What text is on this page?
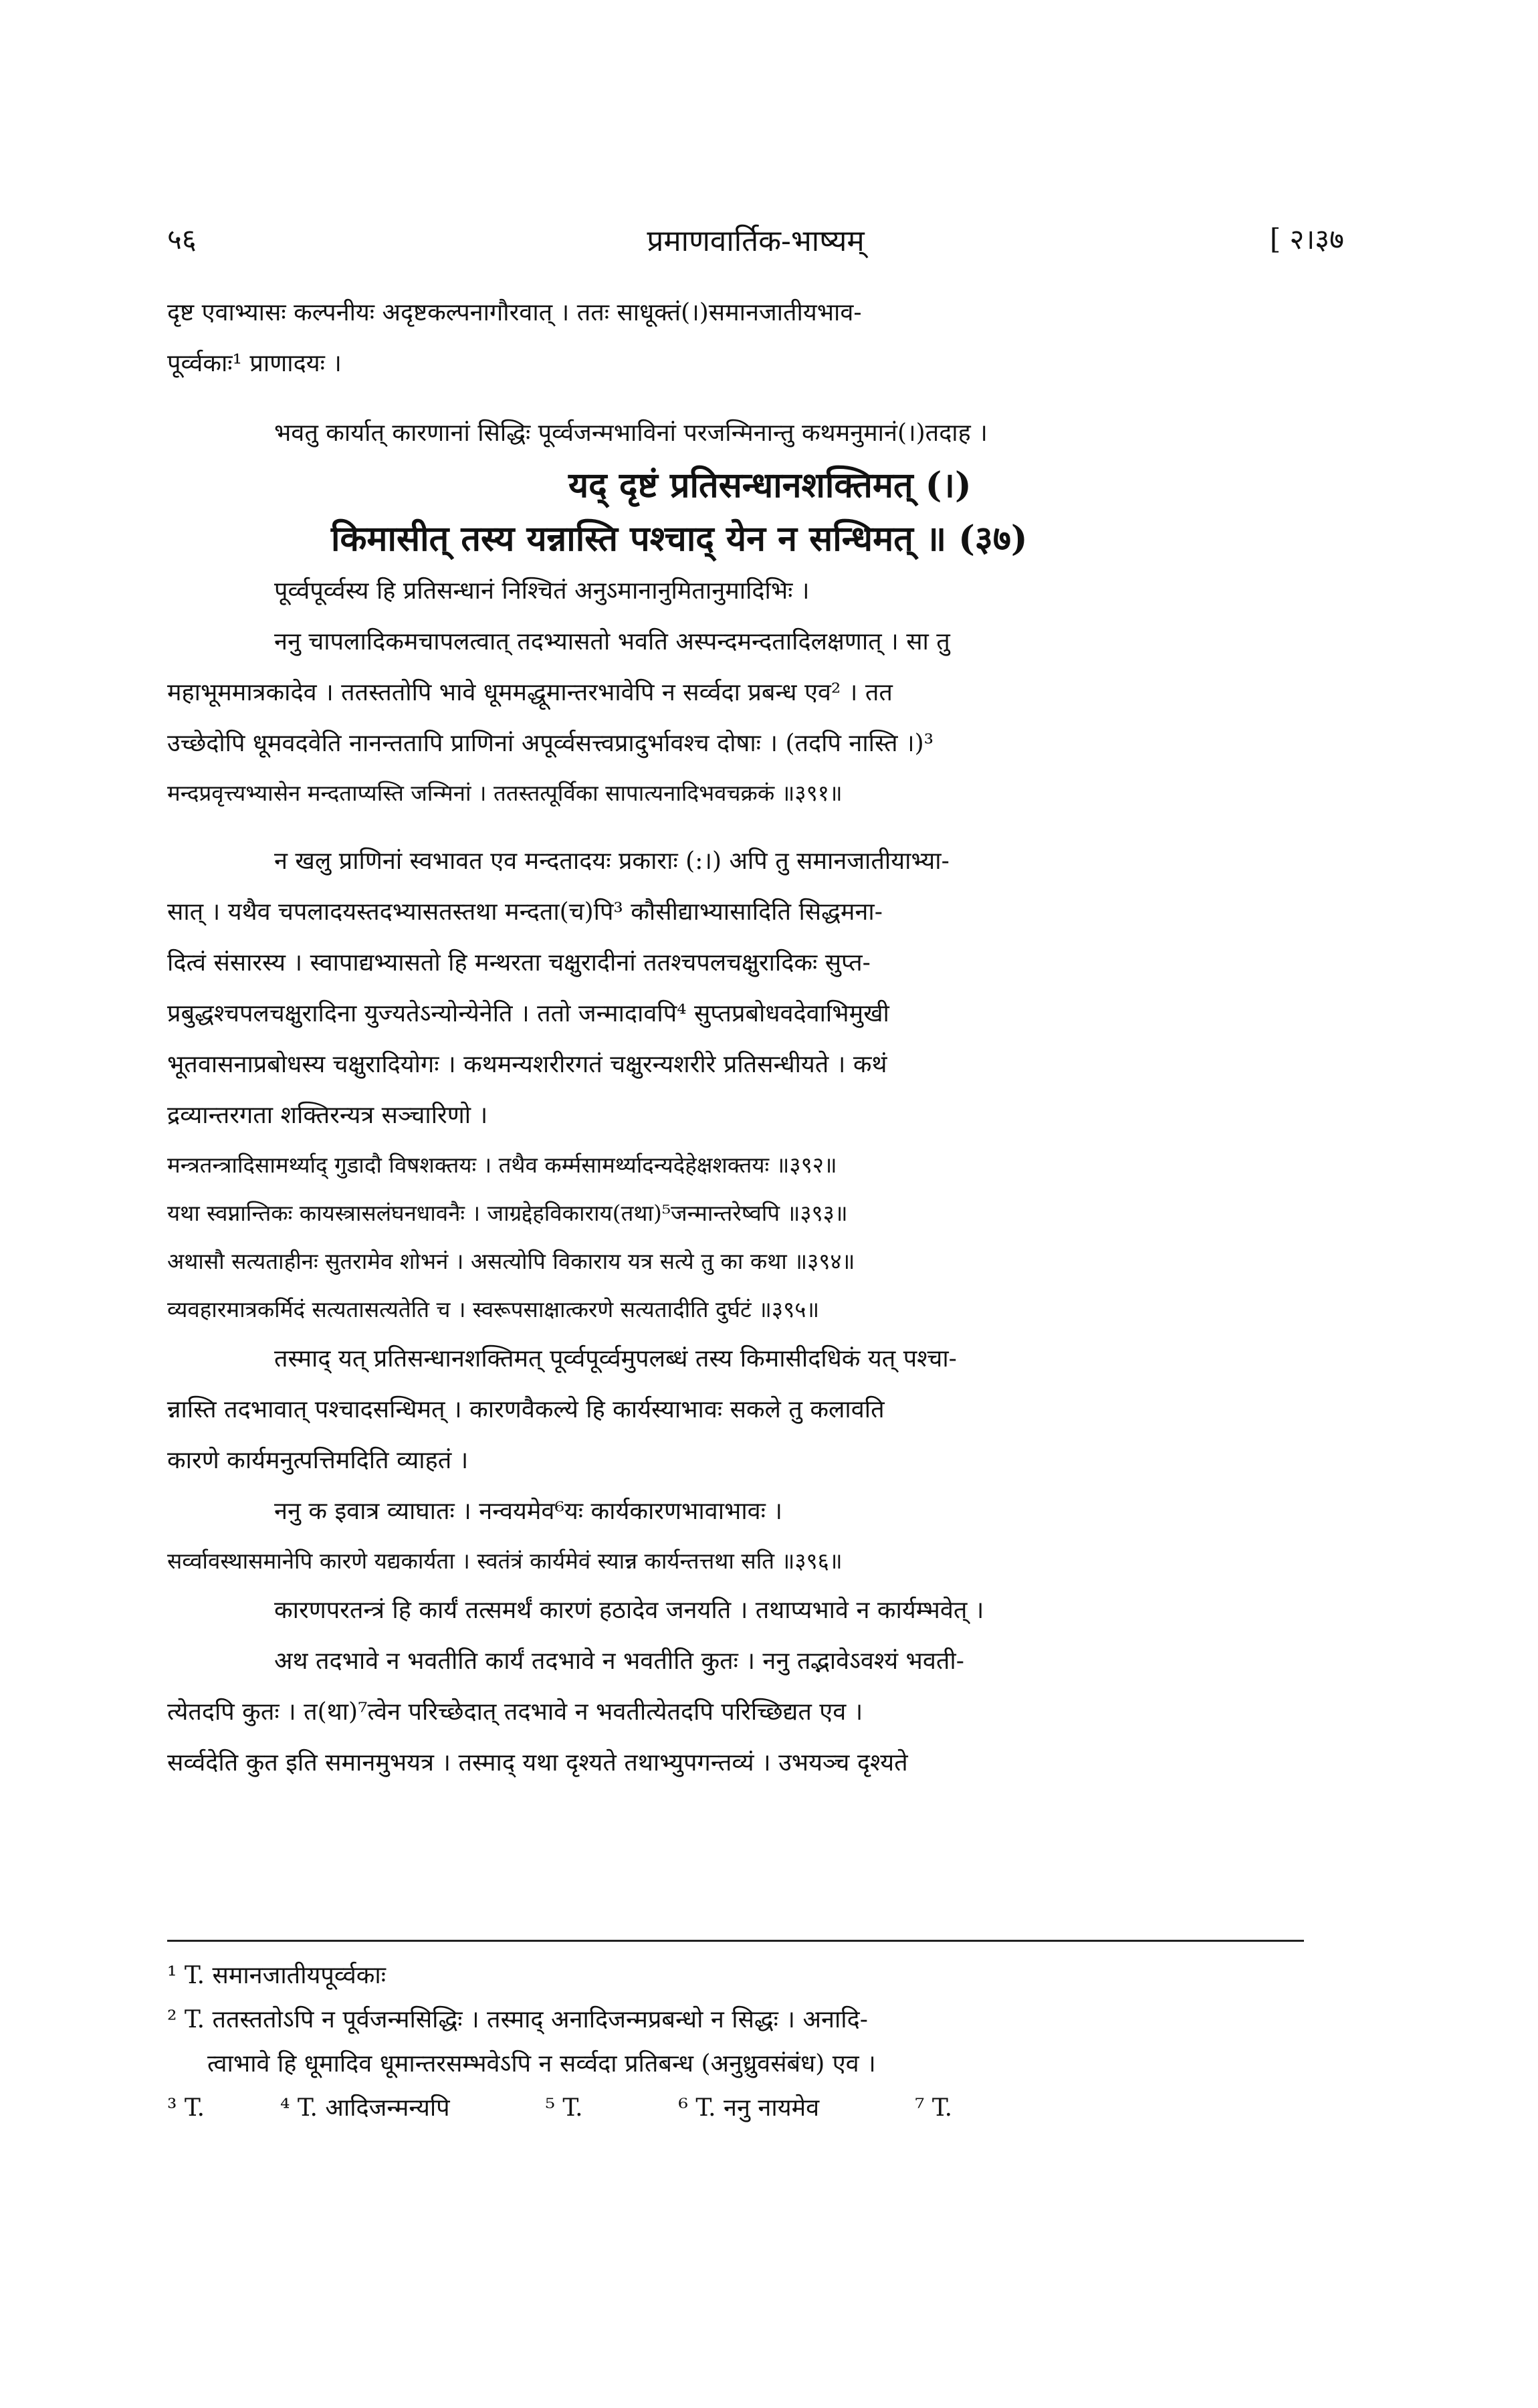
५६	प्रमाणवार्तिक-भाष्यम्	[ २।३७

दृष्ट एवाभ्यासः कल्पनीयः अदृष्टकल्पनागौरवात् । ततः साधूक्तं(।)समानजातीयभाव-

पूर्व्वकाः¹ प्राणादयः ।

भवतु कार्यात् कारणानां सिद्धिः पूर्व्वजन्मभाविनां परजन्मिनान्तु कथमनुमानं(।)तदाह ।

यद् दृष्टं प्रतिसन्धानशक्तिमत् (।)

किमासीत् तस्य यन्नास्ति पश्चाद् येन न सन्धिमत् ॥ (३७)

पूर्व्वपूर्व्वस्य हि प्रतिसन्धानं निश्चितं अनुऽमानानुमितानुमादिभिः ।

ननु चापलादिकमचापलत्वात् तदभ्यासतो भवति अस्पन्दमन्दतादिलक्षणात् । सा तु

महाभूममात्रकादेव । ततस्ततोपि भावे धूममद्धूमान्तरभावेपि न सर्व्वदा प्रबन्ध एव² । तत

उच्छेदोपि धूमवदवेति नानन्ततापि प्राणिनां अपूर्व्वसत्त्वप्रादुर्भावश्च दोषाः । (तदपि नास्ति ।)³

मन्दप्रवृत्त्यभ्यासेन मन्दताप्यस्ति जन्मिनां । ततस्तत्पूर्विका सापात्यनादिभवचक्रकं ॥३९१॥

न खलु प्राणिनां स्वभावत एव मन्दतादयः प्रकाराः (:।) अपि तु समानजातीयाभ्या-

सात् । यथैव चपलादयस्तदभ्यासतस्तथा मन्दता(च)पि³ कौसीद्याभ्यासादिति सिद्धमना-

दित्वं संसारस्य । स्वापाद्यभ्यासतो हि मन्थरता चक्षुरादीनां ततश्चपलचक्षुरादिकः सुप्त-

प्रबुद्धश्चपलचक्षुरादिना युज्यतेऽन्योन्येनेति । ततो जन्मादावपि⁴ सुप्तप्रबोधवदेवाभिमुखी

भूतवासनाप्रबोधस्य चक्षुरादियोगः । कथमन्यशरीरगतं चक्षुरन्यशरीरे प्रतिसन्धीयते । कथं

द्रव्यान्तरगता शक्तिरन्यत्र सञ्चारिणो ।

मन्त्रतन्त्रादिसामर्थ्याद् गुडादौ विषशक्तयः । तथैव कर्म्मसामर्थ्यादन्यदेहेक्षशक्तयः ॥३९२॥

यथा स्वप्नान्तिकः कायस्त्रासलंघनधावनैः । जाग्रद्देहविकाराय(तथा)⁵जन्मान्तरेष्वपि ॥३९३॥

अथासौ सत्यताहीनः सुतरामेव शोभनं । असत्योपि विकाराय यत्र सत्ये तु का कथा ॥३९४॥

व्यवहारमात्रकर्मिदं सत्यतासत्यतेति च । स्वरूपसाक्षात्करणे सत्यतादीति दुर्घटं ॥३९५॥

तस्माद् यत् प्रतिसन्धानशक्तिमत् पूर्व्वपूर्व्वमुपलब्धं तस्य किमासीदधिकं यत् पश्चा-

न्नास्ति तदभावात् पश्चादसन्धिमत् । कारणवैकल्ये हि कार्यस्याभावः सकले तु कलावति

कारणे कार्यमनुत्पत्तिमदिति व्याहतं ।

ननु क इवात्र व्याघातः । नन्वयमेव⁶यः कार्यकारणभावाभावः ।

सर्व्वावस्थासमानेपि कारणे यद्यकार्यता । स्वतंत्रं कार्यमेवं स्यान्न कार्यन्तत्तथा सति ॥३९६॥

कारणपरतन्त्रं हि कार्यं तत्समर्थं कारणं हठादेव जनयति । तथाप्यभावे न कार्यम्भवेत् ।

अथ तदभावे न भवतीति कार्यं तदभावे न भवतीति कुतः । ननु तद्भावेऽवश्यं भवती-

त्येतदपि कुतः । त(था)⁷त्वेन परिच्छेदात् तदभावे न भवतीत्येतदपि परिच्छिद्यत एव ।

सर्व्वदेति कुत इति समानमुभयत्र । तस्माद् यथा दृश्यते तथाभ्युपगन्तव्यं । उभयञ्च दृश्यते

¹ T. समानजातीयपूर्व्वकाः

² T. ततस्ततोऽपि न पूर्वजन्मसिद्धिः । तस्माद् अनादिजन्मप्रबन्धो न सिद्धः । अनादि-

त्वाभावे हि धूमादिव धूमान्तरसम्भवेऽपि न सर्व्वदा प्रतिबन्ध (अनुध्रुवसंबंध) एव ।

³ T.	⁴ T. आदिजन्मन्यपि	⁵ T.	⁶ T. ननु नायमेव	⁷ T.
